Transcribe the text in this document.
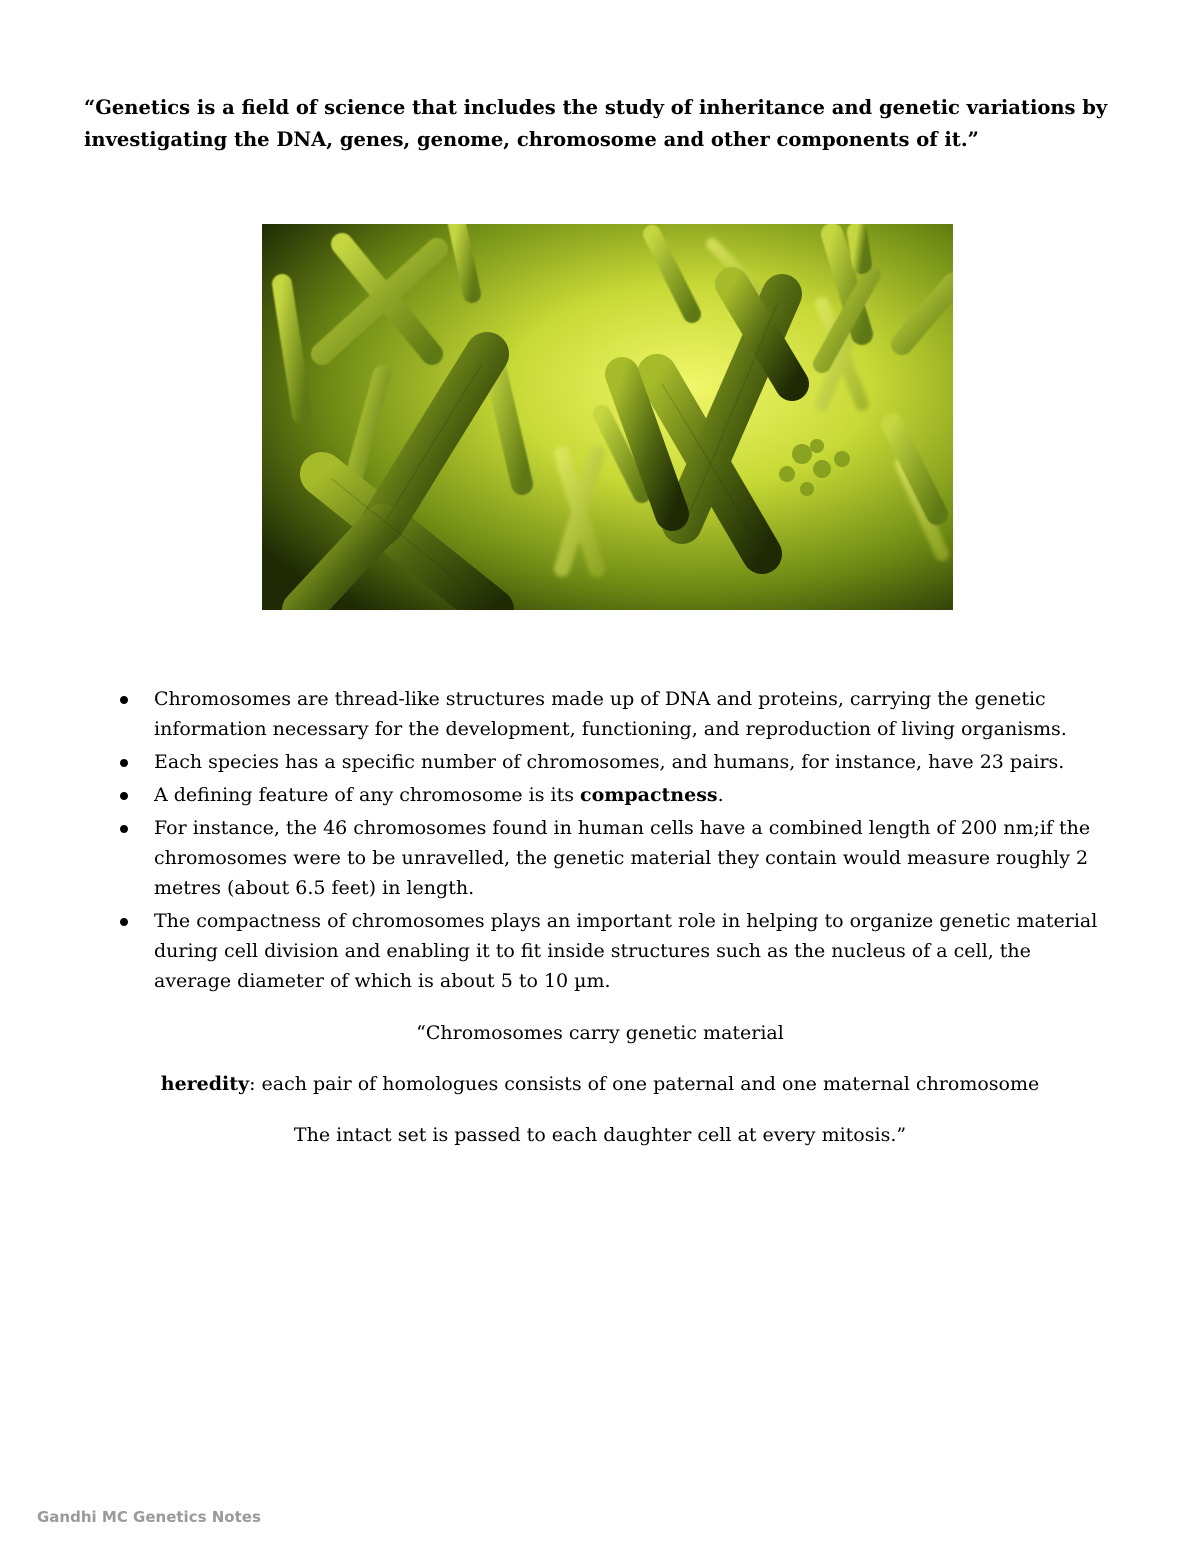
“Genetics is a field of science that includes the study of inheritance and genetic variations by investigating the DNA, genes, genome, chromosome and other components of it.”

Chromosomes are thread-like structures made up of DNA and proteins, carrying the genetic information necessary for the development, functioning, and reproduction of living organisms.
Each species has a specific number of chromosomes, and humans, for instance, have 23 pairs.
A defining feature of any chromosome is its compactness.
For instance, the 46 chromosomes found in human cells have a combined length of 200 nm;if the chromosomes were to be unravelled, the genetic material they contain would measure roughly 2 metres (about 6.5 feet) in length.
The compactness of chromosomes plays an important role in helping to organize genetic material during cell division and enabling it to fit inside structures such as the nucleus of a cell, the average diameter of which is about 5 to 10 µm.

“Chromosomes carry genetic material

heredity: each pair of homologues consists of one paternal and one maternal chromosome

The intact set is passed to each daughter cell at every mitosis.”

Gandhi MC Genetics Notes
